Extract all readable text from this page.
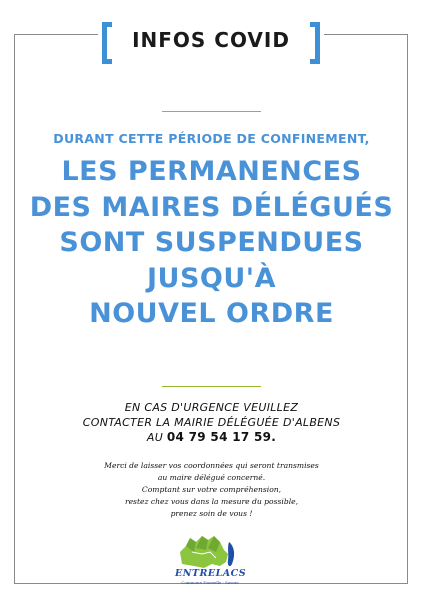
INFOS COVID
DURANT CETTE PÉRIODE DE CONFINEMENT,
LES PERMANENCES
DES MAIRES DÉLÉGUÉS
SONT SUSPENDUES
JUSQU'À
NOUVEL ORDRE
EN CAS D'URGENCE VEUILLEZ
CONTACTER LA MAIRIE DÉLÉGUÉE D'ALBENS
AU 04 79 54 17 59.
Merci de laisser vos coordonnées qui seront transmises
au maire délégué concerné.
Comptant sur votre compréhension,
restez chez vous dans la mesure du possible,
prenez soin de vous !
ENTRELACS
Commune Nouvelle · Savoie
